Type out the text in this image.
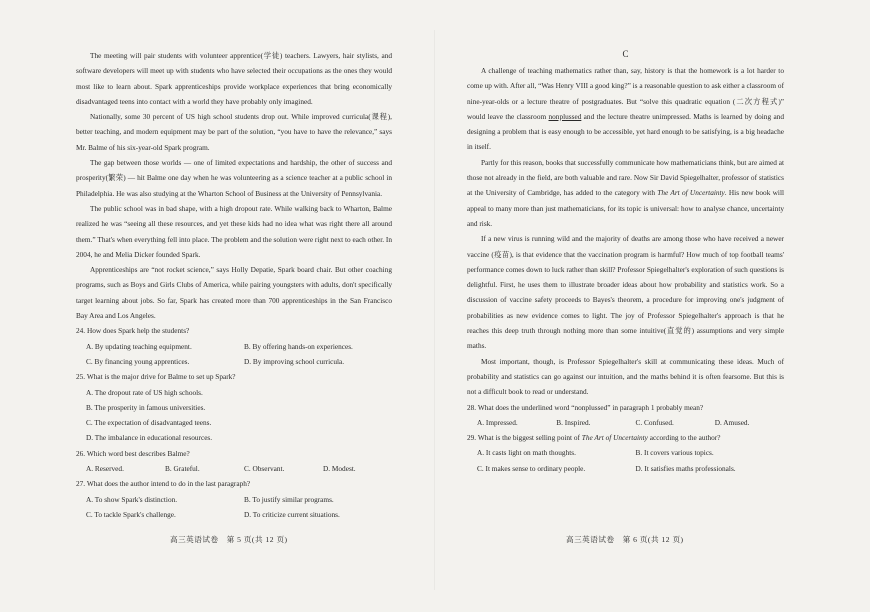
The meeting will pair students with volunteer apprentice(学徒) teachers. Lawyers, hair stylists, and software developers will meet up with students who have selected their occupations as the ones they would most like to learn about. Spark apprenticeships provide workplace experiences that bring economically disadvantaged teens into contact with a world they have probably only imagined.

Nationally, some 30 percent of US high school students drop out. While improved curricula(课程), better teaching, and modern equipment may be part of the solution, “you have to have the relevance,” says Mr. Balme of his six-year-old Spark program.

The gap between those worlds — one of limited expectations and hardship, the other of success and prosperity(繁荣) — hit Balme one day when he was volunteering as a science teacher at a public school in Philadelphia. He was also studying at the Wharton School of Business at the University of Pennsylvania.

The public school was in bad shape, with a high dropout rate. While walking back to Wharton, Balme realized he was “seeing all these resources, and yet these kids had no idea what was right there all around them.” That's when everything fell into place. The problem and the solution were right next to each other. In 2004, he and Melia Dicker founded Spark.

Apprenticeships are “not rocket science,” says Holly Depatie, Spark board chair. But other coaching programs, such as Boys and Girls Clubs of America, while pairing youngsters with adults, don't specifically target learning about jobs. So far, Spark has created more than 700 apprenticeships in the San Francisco Bay Area and Los Angeles.

24. How does Spark help the students?

A. By updating teaching equipment.	B. By offering hands-on experiences.
C. By financing young apprentices.	D. By improving school curricula.

25. What is the major drive for Balme to set up Spark?

A. The dropout rate of US high schools.
B. The prosperity in famous universities.
C. The expectation of disadvantaged teens.
D. The imbalance in educational resources.

26. Which word best describes Balme?

A. Reserved.	B. Grateful.	C. Observant.	D. Modest.

27. What does the author intend to do in the last paragraph?

A. To show Spark's distinction.	B. To justify similar programs.
C. To tackle Spark's challenge.	D. To criticize current situations.

C

A challenge of teaching mathematics rather than, say, history is that the homework is a lot harder to come up with. After all, “Was Henry VIII a good king?” is a reasonable question to ask either a classroom of nine-year-olds or a lecture theatre of postgraduates. But “solve this quadratic equation (二次方程式)” would leave the classroom nonplussed and the lecture theatre unimpressed. Maths is learned by doing and designing a problem that is easy enough to be accessible, yet hard enough to be satisfying, is a big headache in itself.

Partly for this reason, books that successfully communicate how mathematicians think, but are aimed at those not already in the field, are both valuable and rare. Now Sir David Spiegelhalter, professor of statistics at the University of Cambridge, has added to the category with The Art of Uncertainty. His new book will appeal to many more than just mathematicians, for its topic is universal: how to analyse chance, uncertainty and risk.

If a new virus is running wild and the majority of deaths are among those who have received a newer vaccine (疫苗), is that evidence that the vaccination program is harmful? How much of top football teams' performance comes down to luck rather than skill? Professor Spiegelhalter's exploration of such questions is delightful. First, he uses them to illustrate broader ideas about how probability and statistics work. So a discussion of vaccine safety proceeds to Bayes's theorem, a procedure for improving one's judgment of probabilities as new evidence comes to light. The joy of Professor Spiegelhalter's approach is that he reaches this deep truth through nothing more than some intuitive(直觉的) assumptions and very simple maths.

Most important, though, is Professor Spiegelhalter's skill at communicating these ideas. Much of probability and statistics can go against our intuition, and the maths behind it is often fearsome. But this is not a difficult book to read or understand.

28. What does the underlined word “nonplussed” in paragraph 1 probably mean?

A. Impressed.	B. Inspired.	C. Confused.	D. Amused.

29. What is the biggest selling point of The Art of Uncertainty according to the author?

A. It casts light on math thoughts.	B. It covers various topics.
C. It makes sense to ordinary people.	D. It satisfies maths professionals.
高三英语试卷　第 5 页(共 12 页)	高三英语试卷　第 6 页(共 12 页)
